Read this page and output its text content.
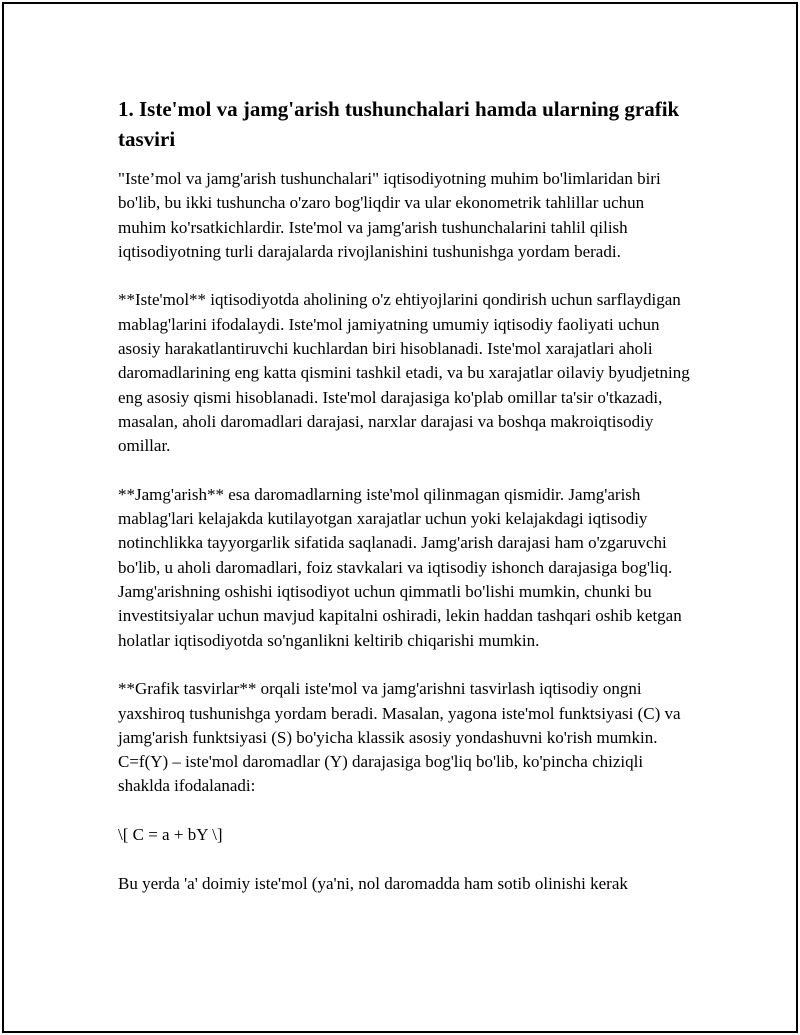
1. Iste'mol va jamg'arish tushunchalari hamda ularning grafik tasviri

"Iste’mol va jamg'arish tushunchalari" iqtisodiyotning muhim bo'limlaridan biri bo'lib, bu ikki tushuncha o'zaro bog'liqdir va ular ekonometrik tahlillar uchun muhim ko'rsatkichlardir. Iste'mol va jamg'arish tushunchalarini tahlil qilish iqtisodiyotning turli darajalarda rivojlanishini tushunishga yordam beradi.

**Iste'mol** iqtisodiyotda aholining o'z ehtiyojlarini qondirish uchun sarflaydigan mablag'larini ifodalaydi. Iste'mol jamiyatning umumiy iqtisodiy faoliyati uchun asosiy harakatlantiruvchi kuchlardan biri hisoblanadi. Iste'mol xarajatlari aholi daromadlarining eng katta qismini tashkil etadi, va bu xarajatlar oilaviy byudjetning eng asosiy qismi hisoblanadi. Iste'mol darajasiga ko'plab omillar ta'sir o'tkazadi, masalan, aholi daromadlari darajasi, narxlar darajasi va boshqa makroiqtisodiy omillar.

**Jamg'arish** esa daromadlarning iste'mol qilinmagan qismidir. Jamg'arish mablag'lari kelajakda kutilayotgan xarajatlar uchun yoki kelajakdagi iqtisodiy notinchlikka tayyorgarlik sifatida saqlanadi. Jamg'arish darajasi ham o'zgaruvchi bo'lib, u aholi daromadlari, foiz stavkalari va iqtisodiy ishonch darajasiga bog'liq. Jamg'arishning oshishi iqtisodiyot uchun qimmatli bo'lishi mumkin, chunki bu investitsiyalar uchun mavjud kapitalni oshiradi, lekin haddan tashqari oshib ketgan holatlar iqtisodiyotda so'nganlikni keltirib chiqarishi mumkin.

**Grafik tasvirlar** orqali iste'mol va jamg'arishni tasvirlash iqtisodiy ongni yaxshiroq tushunishga yordam beradi. Masalan, yagona iste'mol funktsiyasi (C) va jamg'arish funktsiyasi (S) bo'yicha klassik asosiy yondashuvni ko'rish mumkin. C=f(Y) – iste'mol daromadlar (Y) darajasiga bog'liq bo'lib, ko'pincha chiziqli shaklda ifodalanadi:

\[ C = a + bY \]

Bu yerda 'a' doimiy iste'mol (ya'ni, nol daromadda ham sotib olinishi kerak
